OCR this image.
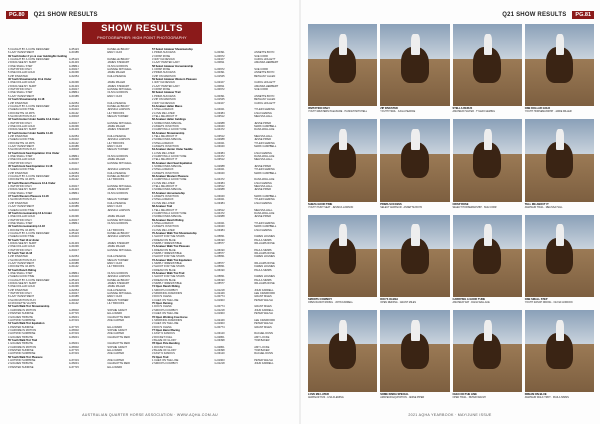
PG.80	Q21 SHOW RESULTS	Q21 SHOW RESULTS	PG.81
SHOW RESULTS
PHOTOGRAPHER: HIGH POINT PHOTOGRAPHY
5 CAUGHT BY A CUTE DESIGNER	G-65123	DANIELLE BRADY
6 LAZY INVESTMENT	G-60185	EMILY CHOI
39 Youth Halter 2 yrs & over Gelding/Ex Gelding
1 CAUGHT BY A CUTE DESIGNER	G-65123	DANIELLE BRADY
2 DIDJA SEE MY SHIRT	G-61433	JAMES STEWART
3 ONE SMALL STEP	G-68841	OLIVIA GORDON
4 INVITATION ONLY	G-60217	HANNAH MITCHELL
5 ONE DOLLAR GOLD	G-61096	JAMIE MILLER
6 ZIP INVESTED	G-62254	KAILA PEARCE
40 Youth Showmanship 13 & Under
1 ONE DOLLAR GOLD	G-61096	JAMIE MILLER
2 DIDJA SEE MY SHIRT	G-61433	JAMES STEWART
3 INVITATION ONLY	G-60217	HANNAH MITCHELL
4 ONE SMALL STEP	G-68841	OLIVIA GORDON
5 LAZY INVESTMENT	G-60185	EMILY CHOI
41 Youth Showmanship 14-18
1 ZIP INVESTED	G-62254	KAILA PEARCE
2 CAUGHT BY A CUTE DESIGNER	G-65123	DANIELLE BRADY
3 SHEZA GOOD TIME	G-64410	JESSICA LAWSON
4 ROCKETTE VA ZIPS	G-61142	LILY BROOKS
5 SLOW MOTION PLAY	G-60018	MEGAN TURNER
42 Youth Hunter Under Saddle 13 & Under
1 INVITATION ONLY	G-60217	HANNAH MITCHELL
2 ONE DOLLAR GOLD	G-61096	JAMIE MILLER
3 DIDJA SEE MY SHIRT	G-61433	JAMES STEWART
43 Youth Hunter Under Saddle 14-18
1 ZIP INVESTED	G-62254	KAILA PEARCE
2 SHEZA GOOD TIME	G-64410	JESSICA LAWSON
3 ROCKETTE VA ZIPS	G-61142	LILY BROOKS
4 LAZY INVESTMENT	G-60185	EMILY CHOI
5 SLOW MOTION PLAY	G-60018	MEGAN TURNER
44 Youth Hunt Seat Equitation 13 & Under
1 ONE SMALL STEP	G-68841	OLIVIA GORDON
2 ONE DOLLAR GOLD	G-61096	JAMIE MILLER
3 INVITATION ONLY	G-60217	HANNAH MITCHELL
45 Youth Hunt Seat Equitation 14-18
1 SHEZA GOOD TIME	G-64410	JESSICA LAWSON
2 ZIP INVESTED	G-62254	KAILA PEARCE
3 CAUGHT BY A CUTE DESIGNER	G-65123	DANIELLE BRADY
4 ROCKETTE VA ZIPS	G-61142	LILY BROOKS
46 Youth Western Pleasure 13 & Under
1 INVITATION ONLY	G-60217	HANNAH MITCHELL
2 DIDJA SEE MY SHIRT	G-61433	JAMES STEWART
3 ONE SMALL STEP	G-68841	OLIVIA GORDON
47 Youth Western Pleasure 14-18
1 SLOW MOTION PLAY	G-60018	MEGAN TURNER
2 ZIP INVESTED	G-62254	KAILA PEARCE
3 LAZY INVESTMENT	G-60185	EMILY CHOI
4 SHEZA GOOD TIME	G-64410	JESSICA LAWSON
48 Youth Horsemanship 13 & Under
1 ONE DOLLAR GOLD	G-61096	JAMIE MILLER
2 INVITATION ONLY	G-60217	HANNAH MITCHELL
3 ONE SMALL STEP	G-68841	OLIVIA GORDON
49 Youth Horsemanship 14-18
1 ROCKETTE VA ZIPS	G-61142	LILY BROOKS
2 CAUGHT BY A CUTE DESIGNER	G-65123	DANIELLE BRADY
3 SHEZA GOOD TIME	G-64410	JESSICA LAWSON
50 Youth Trail 13 & Under
1 DIDJA SEE MY SHIRT	G-61433	JAMES STEWART
2 ONE DOLLAR GOLD	G-61096	JAMIE MILLER
3 INVITATION ONLY	G-60217	HANNAH MITCHELL
51 Youth Trail 14-18
1 ZIP INVESTED	G-62254	KAILA PEARCE
2 SLOW MOTION PLAY	G-60018	MEGAN TURNER
3 LAZY INVESTMENT	G-60185	EMILY CHOI
4 ROCKETTE VA ZIPS	G-61142	LILY BROOKS
52 Youth Ranch Riding
1 ONE SMALL STEP	G-68841	OLIVIA GORDON
2 SHEZA GOOD TIME	G-64410	JESSICA LAWSON
3 CAUGHT BY A CUTE DESIGNER	G-65123	DANIELLE BRADY
4 DIDJA SEE MY SHIRT	G-61433	JAMES STEWART
5 ONE DOLLAR GOLD	G-61096	JAMIE MILLER
6 ZIP INVESTED	G-62254	KAILA PEARCE
7 INVITATION ONLY	G-60217	HANNAH MITCHELL
8 LAZY INVESTMENT	G-60185	EMILY CHOI
9 SLOW MOTION PLAY	G-60018	MEGAN TURNER
10 ROCKETTE VA ZIPS	G-61142	LILY BROOKS
53 Youth Walk Trot Showmanship
1 CHROME IN MOTION	G-66502	SOPHIE GRANT
2 PAINTED SUNRISE	G-67715	ELLA WARD
3 GOLDEN TRIBUTE	G-66031	CHARLOTTE REID
4 HOTROD SURPRISE	G-67219	ZOE CARTER
54 Youth Walk Trot Equitation
1 PAINTED SUNRISE	G-67715	ELLA WARD
2 CHROME IN MOTION	G-66502	SOPHIE GRANT
3 HOTROD SURPRISE	G-67219	ZOE CARTER
4 GOLDEN TRIBUTE	G-66031	CHARLOTTE REID
55 Youth Walk Trot Trail
1 GOLDEN TRIBUTE	G-66031	CHARLOTTE REID
2 CHROME IN MOTION	G-66502	SOPHIE GRANT
3 PAINTED SUNRISE	G-67715	ELLA WARD
4 HOTROD SURPRISE	G-67219	ZOE CARTER
56 Youth Walk Trot Pleasure
1 HOTROD SURPRISE	G-67219	ZOE CARTER
2 GOLDEN TRIBUTE	G-66031	CHARLOTTE REID
3 PAINTED SUNRISE	G-67715	ELLA WARD
57 Select Amateur Showmanship
1 PRIMA SUCCESS	G-60391	ANNETTE BOYD
2 CRISP ROSE	G-60972	SUE CORR
3 IZZY DA DESIGN	G-62107	CAROL HOLLETT
4 LAZY PAINTED LADY	G-60811	AMANDA HERBERT
58 Select Amateur Horsemanship
1 CRISP ROSE	G-60972	SUE CORR
2 PRIMA SUCCESS	G-60391	ANNETTE BOYD
3 ZIP ON MADISON	G-61545	BETHANY ALLEN
59 Select Amateur Western Pleasure
1 IZZY DA DESIGN	G-62107	CAROL HOLLETT
2 LAZY PAINTED LADY	G-60811	AMANDA HERBERT
3 CRISP ROSE	G-60972	SUE CORR
60 Select Amateur Trail
1 PRIMA SUCCESS	G-60391	ANNETTE BOYD
2 ZIP ON MADISON	G-61545	BETHANY ALLEN
3 IZZY DA DESIGN	G-62107	CAROL HOLLETT
61 Amateur Halter Mares
1 STELLA REDUX	G-64021	TYLER FLEMING
2 LOVE ME LATER	G-63384	LISA FLEMING
3 TELL ME ABOUT IT	G-63512	MELISSA HALL
62 Amateur Halter Geldings
1 SOME KINDA SPECIAL	G-62688	JESSE PIPER
2 ASSETS IN MOTION	G-63040	MARK CAMPBELL
3 CARRYING A GOOD TUNE	G-64472	DANA WALLACE
63 Amateur Showmanship
1 TELL ME ABOUT IT	G-63512	MELISSA HALL
2 SOME KINDA SPECIAL	G-62688	JESSE PIPER
3 STELLA REDUX	G-64021	TYLER FLEMING
4 ASSETS IN MOTION	G-63040	MARK CAMPBELL
64 Amateur Hunter Under Saddle
1 LOVE ME LATER	G-63384	LISA FLEMING
2 CARRYING A GOOD TUNE	G-64472	DANA WALLACE
3 TELL ME ABOUT IT	G-63512	MELISSA HALL
65 Amateur Hunt Seat Equitation
1 SOME KINDA SPECIAL	G-62688	JESSE PIPER
2 STELLA REDUX	G-64021	TYLER FLEMING
3 ASSETS IN MOTION	G-63040	MARK CAMPBELL
66 Amateur Western Pleasure
1 CARRYING A GOOD TUNE	G-64472	DANA WALLACE
2 LOVE ME LATER	G-63384	LISA FLEMING
3 TELL ME ABOUT IT	G-63512	MELISSA HALL
4 SOME KINDA SPECIAL	G-62688	JESSE PIPER
67 Amateur Horsemanship
1 ASSETS IN MOTION	G-63040	MARK CAMPBELL
2 STELLA REDUX	G-64021	TYLER FLEMING
3 LOVE ME LATER	G-63384	LISA FLEMING
68 Amateur Trail
1 TELL ME ABOUT IT	G-63512	MELISSA HALL
2 CARRYING A GOOD TUNE	G-64472	DANA WALLACE
3 SOME KINDA SPECIAL	G-62688	JESSE PIPER
69 Amateur Ranch Riding
1 STELLA REDUX	G-64021	TYLER FLEMING
2 ASSETS IN MOTION	G-63040	MARK CAMPBELL
3 LOVE ME LATER	G-63384	LISA FLEMING
70 Amateur Walk Trot Showmanship
1 SHOOT FOR THE STARS	G-65831	KAREN HOLMES
2 DREAM ON BLUE	G-66190	PAULA SIMMS
3 SIMPLY IRRESISTIBLE	G-65577	WILLIAMS ROSE
71 Amateur Walk Trot Pleasure
1 DREAM ON BLUE	G-66190	PAULA SIMMS
2 SIMPLY IRRESISTIBLE	G-65577	WILLIAMS ROSE
3 SHOOT FOR THE STARS	G-65831	KAREN HOLMES
72 Amateur Walk Trot Equitation
1 SIMPLY IRRESISTIBLE	G-65577	WILLIAMS ROSE
2 SHOOT FOR THE STARS	G-65831	KAREN HOLMES
3 DREAM ON BLUE	G-66190	PAULA SIMMS
73 Amateur Walk Trot Trail
1 SHOOT FOR THE STARS	G-65831	KAREN HOLMES
2 DREAM ON BLUE	G-66190	PAULA SIMMS
3 SIMPLY IRRESISTIBLE	G-65577	WILLIAMS ROSE
74 Open Ranch Riding
1 SMOOTH COWBOY	G-61218	JOHN FARRELL
2 SPARKING DIAMONDS	G-62449	LEE CRAWFORD
3 DOC'S OLENA	G-60774	GRANT MILES
4 CHEX ON THE LINE	G-61903	PETER WALSH
75 Open Reining
1 DOC'S OLENA	G-60774	GRANT MILES
2 SMOOTH COWBOY	G-61218	JOHN FARRELL
3 CHEX ON THE LINE	G-61903	PETER WALSH
76 Open Working Cow Horse
1 SPARKING DIAMONDS	G-62449	LEE CRAWFORD
2 CHEX ON THE LINE	G-61903	PETER WALSH
3 DOC'S OLENA	G-60774	GRANT MILES
77 Open Barrel Racing
1 FAST N FAMOUS	G-63120	RACHEL DUNN
2 ROCKET FUEL	G-62801	AMY LOCKE
3 BLAZE OF GLORY	G-63398	TOM BAKER
78 Open Pole Bending
1 ROCKET FUEL	G-62801	AMY LOCKE
2 BLAZE OF GLORY	G-63398	TOM BAKER
3 FAST N FAMOUS	G-63120	RACHEL DUNN
79 Open Trail
1 CHEX ON THE LINE	G-61903	PETER WALSH
2 SMOOTH COWBOY	G-61218	JOHN FARRELL
INVITATION ONLY
YOUTH WESTERN PLEASURE · HANNAH MITCHELL
ZIP INVESTED
YOUTH TRAIL · KAILA PEARCE
STELLA REDUX
AMATEUR HALTER · TYLER FLEMING
ONE DOLLAR GOLD
YOUTH HORSEMANSHIP · JAMIE MILLER
SHEZA GOOD TIME
YOUTH HUNT SEAT · JESSICA LAWSON
PRIMA SUCCESS
SELECT AMATEUR · ANNETTE BOYD
CRISP ROSE
SELECT HORSEMANSHIP · SUE CORR
TELL ME ABOUT IT
AMATEUR TRAIL · MELISSA HALL
SMOOTH COWBOY
OPEN RANCH RIDING · JOHN FARRELL
DOC'S OLENA
OPEN REINING · GRANT MILES
CARRYING A GOOD TUNE
AMATEUR W/P · DANA WALLACE
ONE SMALL STEP
YOUTH RANCH RIDING · OLIVIA GORDON
LOVE ME LATER
AMATEUR HUS · LISA FLEMING
SOME KINDA SPECIAL
AMATEUR EQUITATION · JESSE PIPER
CHEX ON THE LINE
OPEN TRAIL · PETER WALSH
DREAM ON BLUE
AMATEUR WALK TROT · PAULA SIMMS
AUSTRALIAN QUARTER HORSE ASSOCIATION · WWW.AQHA.COM.AU	2021 AQHA YEARBOOK · MAY/JUNE ISSUE
